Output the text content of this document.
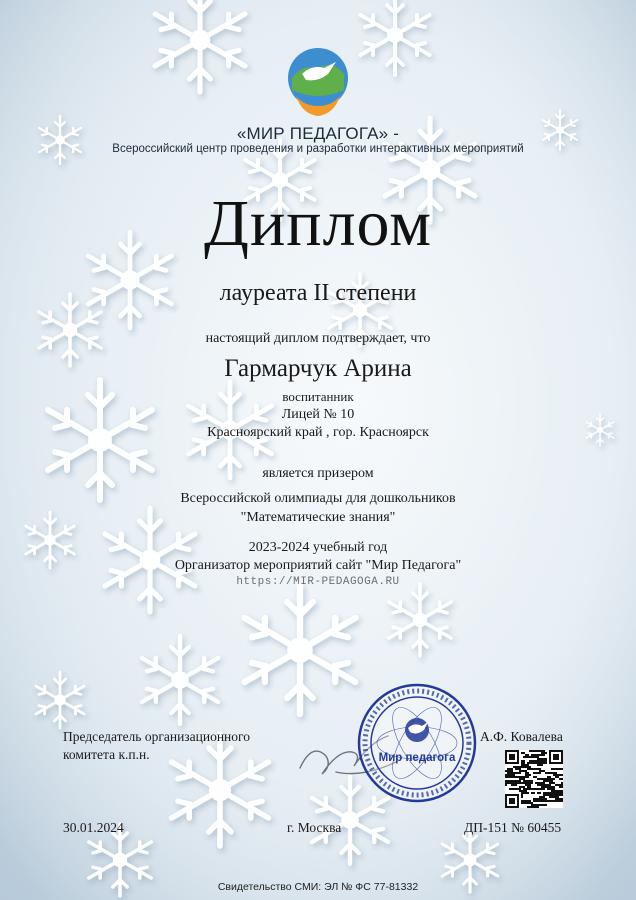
«МИР ПЕДАГОГА» -
Всероссийский центр проведения и разработки интерактивных мероприятий
Диплом
лауреата II степени
настоящий диплом подтверждает, что
Гармарчук Арина
воспитанник
Лицей № 10
Красноярский край , гор. Красноярск
является призером
Всероссийской олимпиады для дошкольников
"Математические знания"
2023-2024 учебный год
Организатор мероприятий сайт "Мир Педагога"
https://MIR-PEDAGOGA.RU
Председатель организационного
комитета к.п.н.	Мир педагога
А.Ф. Ковалева
30.01.2024	г. Москва	ДП-151 № 60455
Свидетельство СМИ: ЭЛ № ФС 77-81332
